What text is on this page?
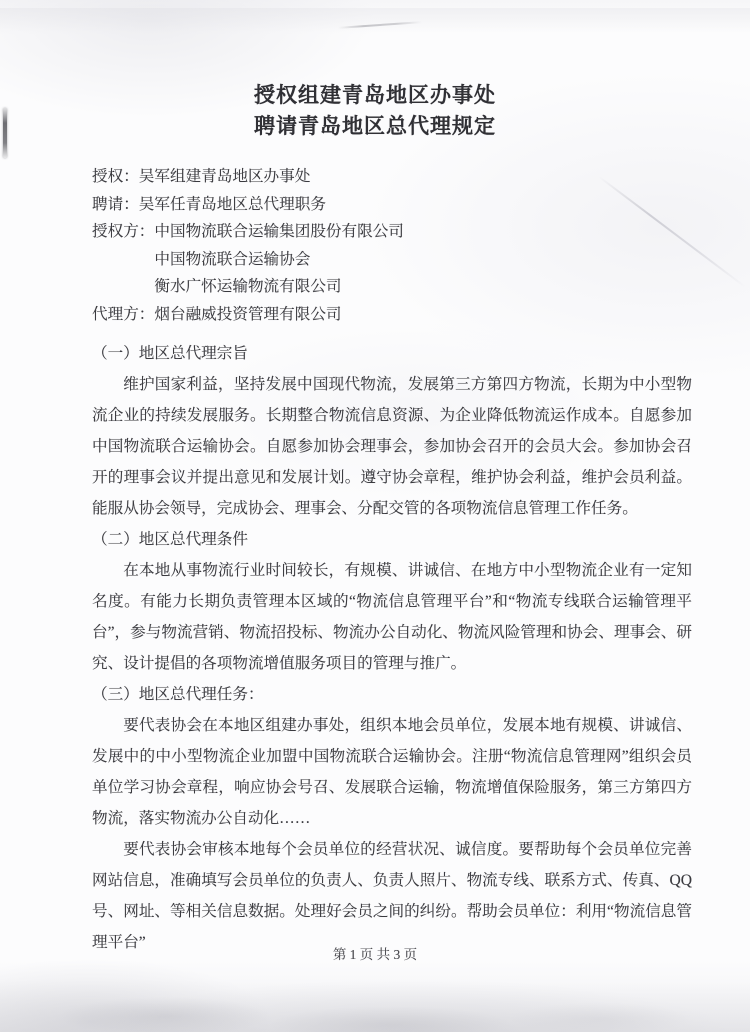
授权组建青岛地区办事处
聘请青岛地区总代理规定
授权：吴军组建青岛地区办事处
聘请：吴军任青岛地区总代理职务
授权方：中国物流联合运输集团股份有限公司
中国物流联合运输协会
衡水广怀运输物流有限公司
代理方：烟台融威投资管理有限公司

（一）地区总代理宗旨

维护国家利益，坚持发展中国现代物流，发展第三方第四方物流，长期为中小型物流企业的持续发展服务。长期整合物流信息资源、为企业降低物流运作成本。自愿参加中国物流联合运输协会。自愿参加协会理事会，参加协会召开的会员大会。参加协会召开的理事会议并提出意见和发展计划。遵守协会章程，维护协会利益，维护会员利益。能服从协会领导，完成协会、理事会、分配交管的各项物流信息管理工作任务。

（二）地区总代理条件

在本地从事物流行业时间较长，有规模、讲诚信、在地方中小型物流企业有一定知名度。有能力长期负责管理本区域的“物流信息管理平台”和“物流专线联合运输管理平台”，参与物流营销、物流招投标、物流办公自动化、物流风险管理和协会、理事会、研究、设计提倡的各项物流增值服务项目的管理与推广。

（三）地区总代理任务：

要代表协会在本地区组建办事处，组织本地会员单位，发展本地有规模、讲诚信、发展中的中小型物流企业加盟中国物流联合运输协会。注册“物流信息管理网”组织会员单位学习协会章程，响应协会号召、发展联合运输，物流增值保险服务，第三方第四方物流，落实物流办公自动化……

要代表协会审核本地每个会员单位的经营状况、诚信度。要帮助每个会员单位完善网站信息，准确填写会员单位的负责人、负责人照片、物流专线、联系方式、传真、QQ 号、网址、等相关信息数据。处理好会员之间的纠纷。帮助会员单位：利用“物流信息管理平台”

第 1 页 共 3 页
